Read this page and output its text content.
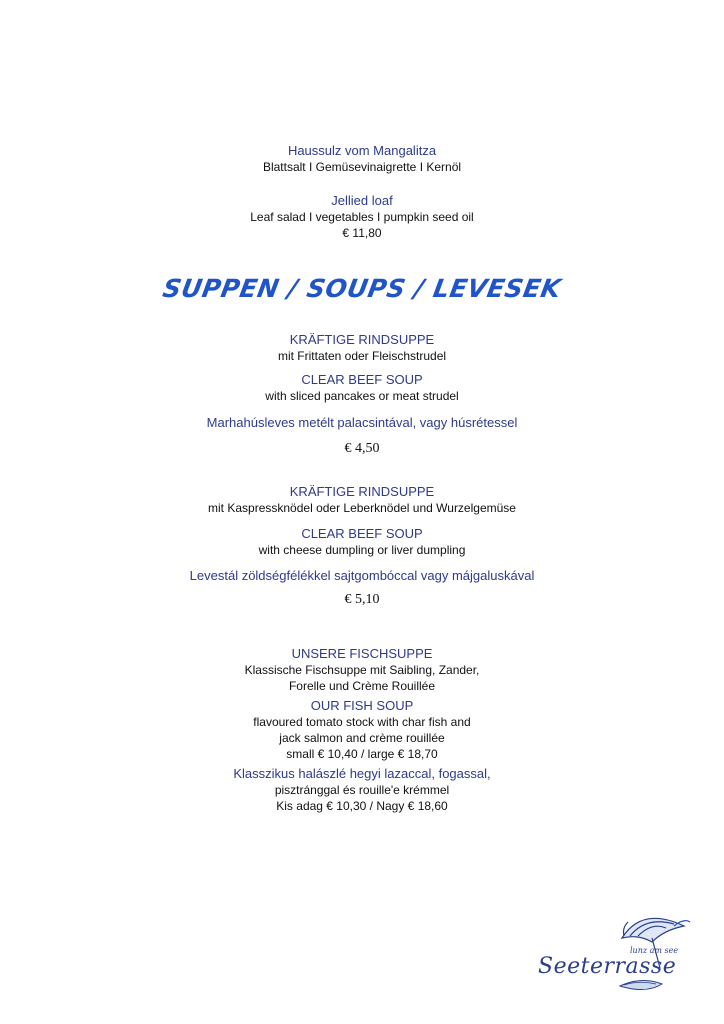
Haussulz vom Mangalitza
Blattsalt I Gemüsevinaigrette I Kernöl
Jellied loaf
Leaf salad I vegetables I pumpkin seed oil
€ 11,80
SUPPEN / SOUPS / LEVESEK
KRÄFTIGE RINDSUPPE
mit Frittaten oder Fleischstrudel
CLEAR BEEF SOUP
with sliced pancakes or meat strudel
Marhahúsleves metélt palacsintával, vagy húsrétessel
€ 4,50
KRÄFTIGE RINDSUPPE
mit Kaspressknödel oder Leberknödel und Wurzelgemüse
CLEAR BEEF SOUP
with cheese dumpling or liver dumpling
Levestál zöldségfélékkel sajtgombóccal vagy májgaluskával
€ 5,10
UNSERE FISCHSUPPE
Klassische Fischsuppe mit Saibling, Zander,
Forelle und Crème Rouillée
OUR FISH SOUP
flavoured tomato stock with char fish and
jack salmon and crème rouillée
small € 10,40 / large € 18,70
Klasszikus halászlé hegyi lazaccal, fogassal,
pisztránggal és rouille'e krémmel
Kis adag € 10,30 / Nagy € 18,60
lunz am see
Seeterrasse
